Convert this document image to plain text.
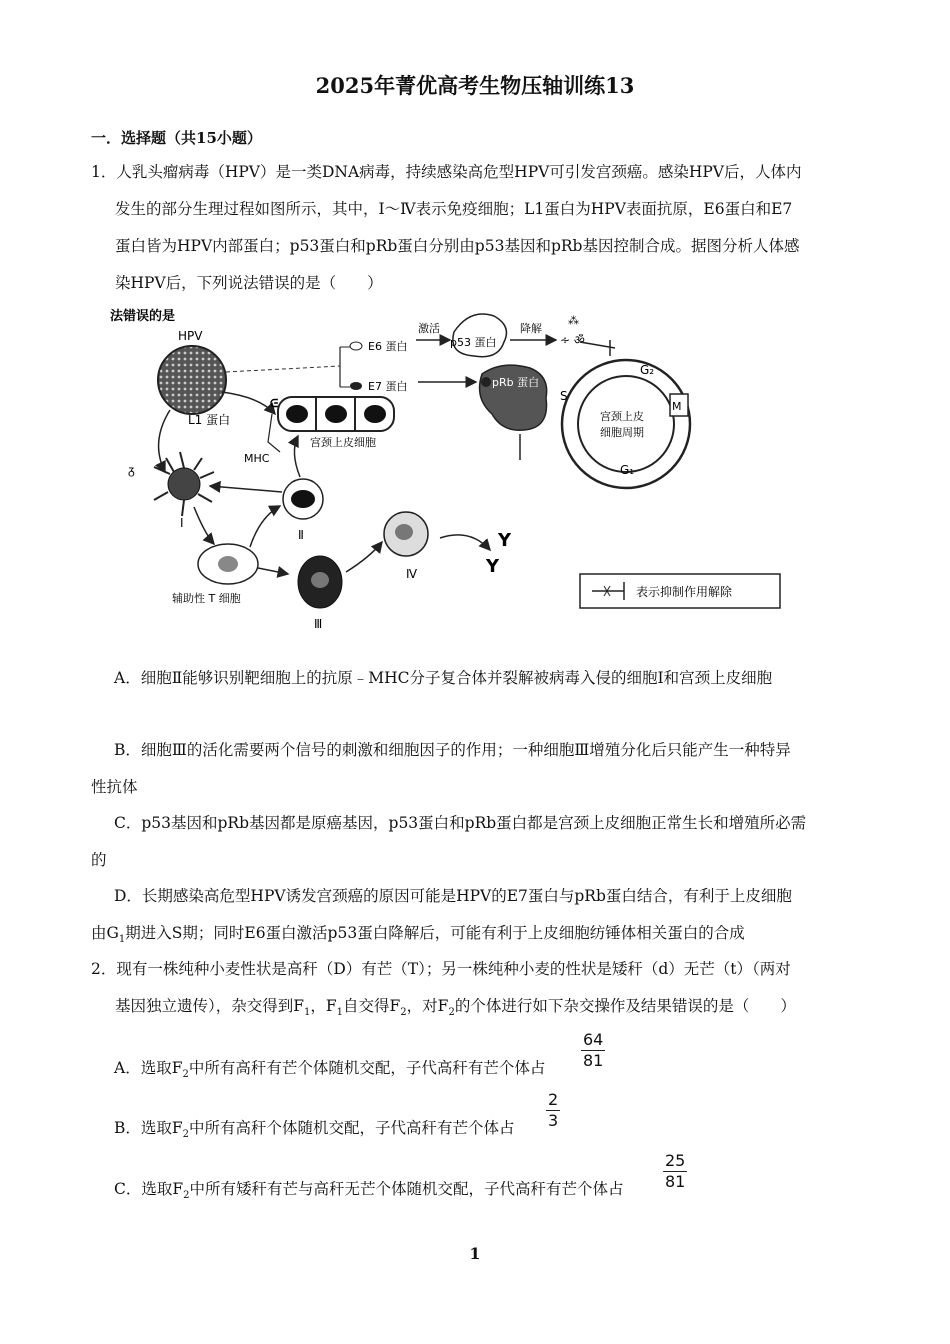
2025年菁优高考生物压轴训练13
一．选择题（共15小题）
1．人乳头瘤病毒（HPV）是一类DNA病毒，持续感染高危型HPV可引发宫颈癌。感染HPV后，人体内

发生的部分生理过程如图所示，其中，Ⅰ～Ⅳ表示免疫细胞；L1蛋白为HPV表面抗原，E6蛋白和E7
蛋白皆为HPV内部蛋白；p53蛋白和pRb蛋白分别由p53基因和pRb基因控制合成。据图分析人体感
染HPV后，下列说法错误的是（　　）
法错误的是
HPV
L1 蛋白
ᕮ
宫颈上皮细胞
MHC
ᵹ
Ⅰ
Ⅱ
辅助性 T 细胞
Ⅲ
Ⅳ
Y
Y
E6 蛋白
E7 蛋白
激活
p53 蛋白
降解
∻ ॐ
⁂
pRb 蛋白
宫颈上皮
细胞周期
S
G₂
M
G₁
表示抑制作用解除
A．细胞Ⅱ能够识别靶细胞上的抗原﹣MHC分子复合体并裂解被病毒入侵的细胞Ⅰ和宫颈上皮细胞
B．细胞Ⅲ的活化需要两个信号的刺激和细胞因子的作用；一种细胞Ⅲ增殖分化后只能产生一种特异
性抗体
C．p53基因和pRb基因都是原癌基因，p53蛋白和pRb蛋白都是宫颈上皮细胞正常生长和增殖所必需
的
D．长期感染高危型HPV诱发宫颈癌的原因可能是HPV的E7蛋白与pRb蛋白结合，有利于上皮细胞
由$G_1$期进入S期；同时E6蛋白激活p53蛋白降解后，可能有利于上皮细胞纺锤体相关蛋白的合成
2．现有一株纯种小麦性状是高秆（D）有芒（T）；另一株纯种小麦的性状是矮秆（d）无芒（t）（两对

基因独立遗传），杂交得到$F_1$，$F_1$自交得$F_2$，对$F_2$的个体进行如下杂交操作及结果错误的是（　　）
A．选取$F_2$中所有高秆有芒个体随机交配，子代高秆有芒个体占 $\frac{64}{81}$
B．选取$F_2$中所有高秆个体随机交配，子代高秆有芒个体占 $\frac{2}{3}$
C．选取$F_2$中所有矮秆有芒与高秆无芒个体随机交配，子代高秆有芒个体占 $\frac{25}{81}$
1
